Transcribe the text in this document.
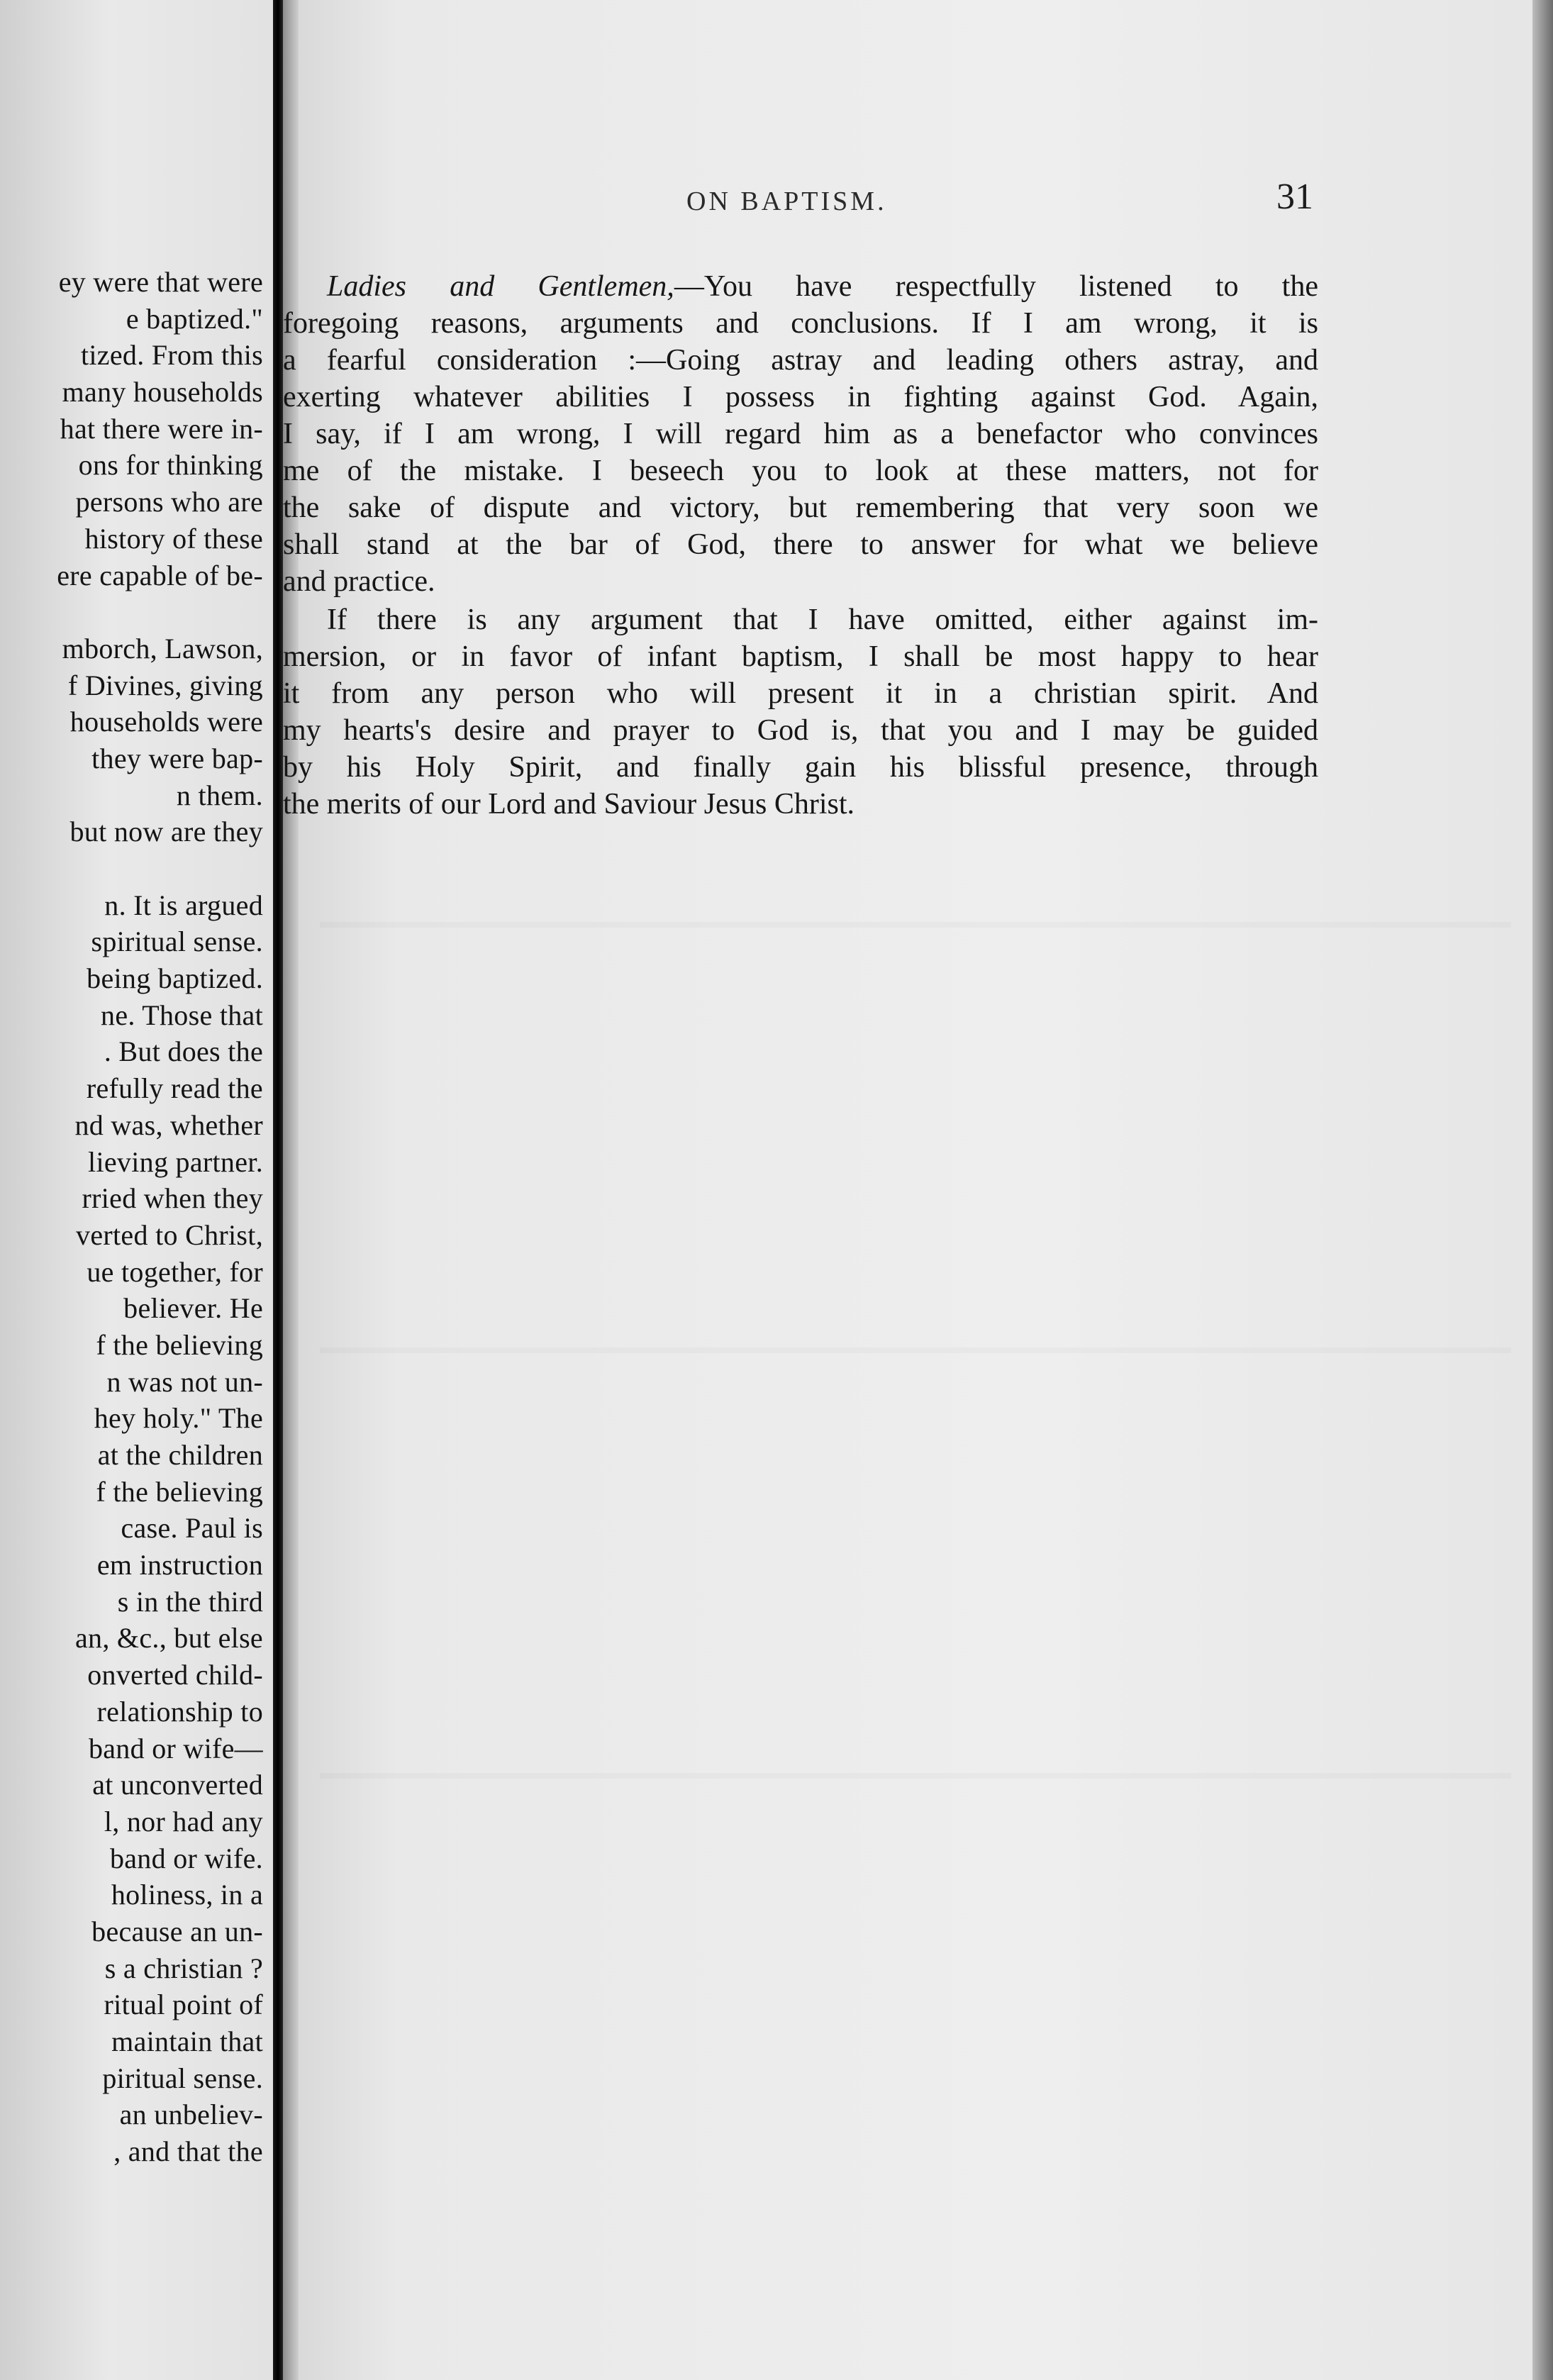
ey were that were
e baptized."
tized. From this
many households
hat there were in-
ons for thinking
persons who are
history of these
ere capable of be-
mborch, Lawson,
f Divines, giving
households were
they were bap-
n them.
but now are they
n. It is argued
spiritual sense.
being baptized.
ne. Those that
. But does the
refully read the
nd was, whether
lieving partner.
rried when they
verted to Christ,
ue together, for
believer. He
f the believing
n was not un-
hey holy." The
at the children
f the believing
case. Paul is
em instruction
s in the third
an, &c., but else
onverted child-
relationship to
band or wife—
at unconverted
l, nor had any
band or wife.
holiness, in a
because an un-
s a christian ?
ritual point of
maintain that
piritual sense.
an unbeliev-
, and that the
ON BAPTISM.	31
Ladies and Gentlemen,—You have respectfully listened to the
foregoing reasons, arguments and conclusions. If I am wrong, it is
a fearful consideration :—Going astray and leading others astray, and
exerting whatever abilities I possess in fighting against God. Again,
I say, if I am wrong, I will regard him as a benefactor who convinces
me of the mistake. I beseech you to look at these matters, not for
the sake of dispute and victory, but remembering that very soon we
shall stand at the bar of God, there to answer for what we believe
and practice.
If there is any argument that I have omitted, either against im-
mersion, or in favor of infant baptism, I shall be most happy to hear
it from any person who will present it in a christian spirit. And
my hearts's desire and prayer to God is, that you and I may be guided
by his Holy Spirit, and finally gain his blissful presence, through
the merits of our Lord and Saviour Jesus Christ.
